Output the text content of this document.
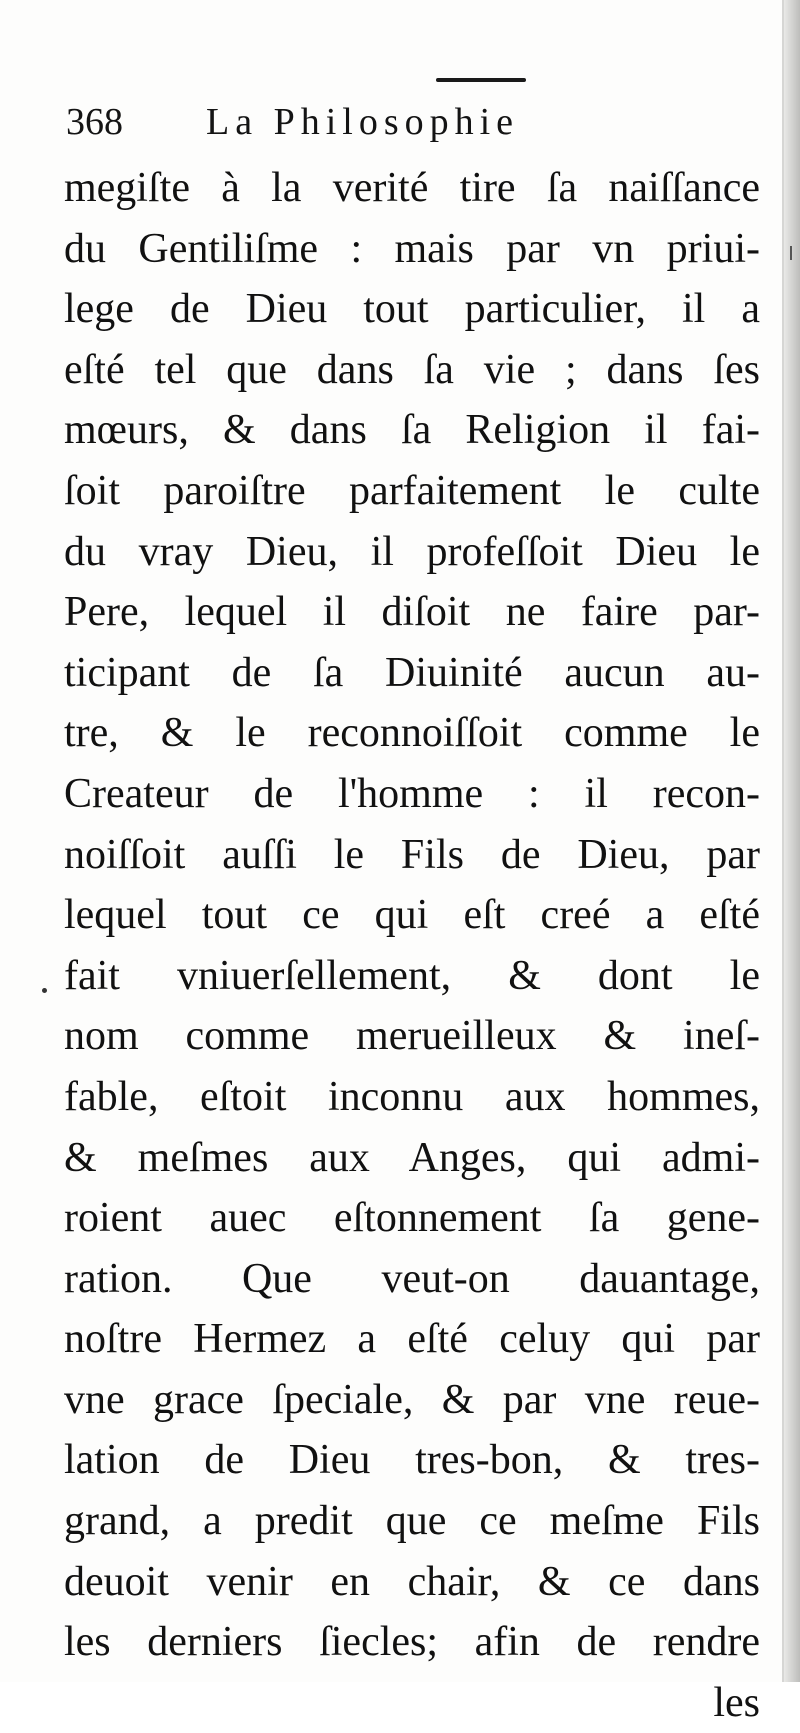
368 La Philosophie
megiſte à la verité tire ſa naiſſance
du Gentiliſme : mais par vn priui-
lege de Dieu tout particulier, il a
eſté tel que dans ſa vie ; dans ſes
mœurs, & dans ſa Religion il fai-
ſoit paroiſtre parfaitement le culte
du vray Dieu, il profeſſoit Dieu le
Pere, lequel il diſoit ne faire par-
ticipant de ſa Diuinité aucun au-
tre, & le reconnoiſſoit comme le
Createur de l'homme : il recon-
noiſſoit auſſi le Fils de Dieu, par
lequel tout ce qui eſt creé a eſté
fait vniuerſellement, & dont le
nom comme merueilleux & ineſ-
fable, eſtoit inconnu aux hommes,
& meſmes aux Anges, qui admi-
roient auec eſtonnement ſa gene-
ration. Que veut-on dauantage,
noſtre Hermez a eſté celuy qui par
vne grace ſpeciale, & par vne reue-
lation de Dieu tres-bon, & tres-
grand, a predit que ce meſme Fils
deuoit venir en chair, & ce dans
les derniers ſiecles; afin de rendre
les
